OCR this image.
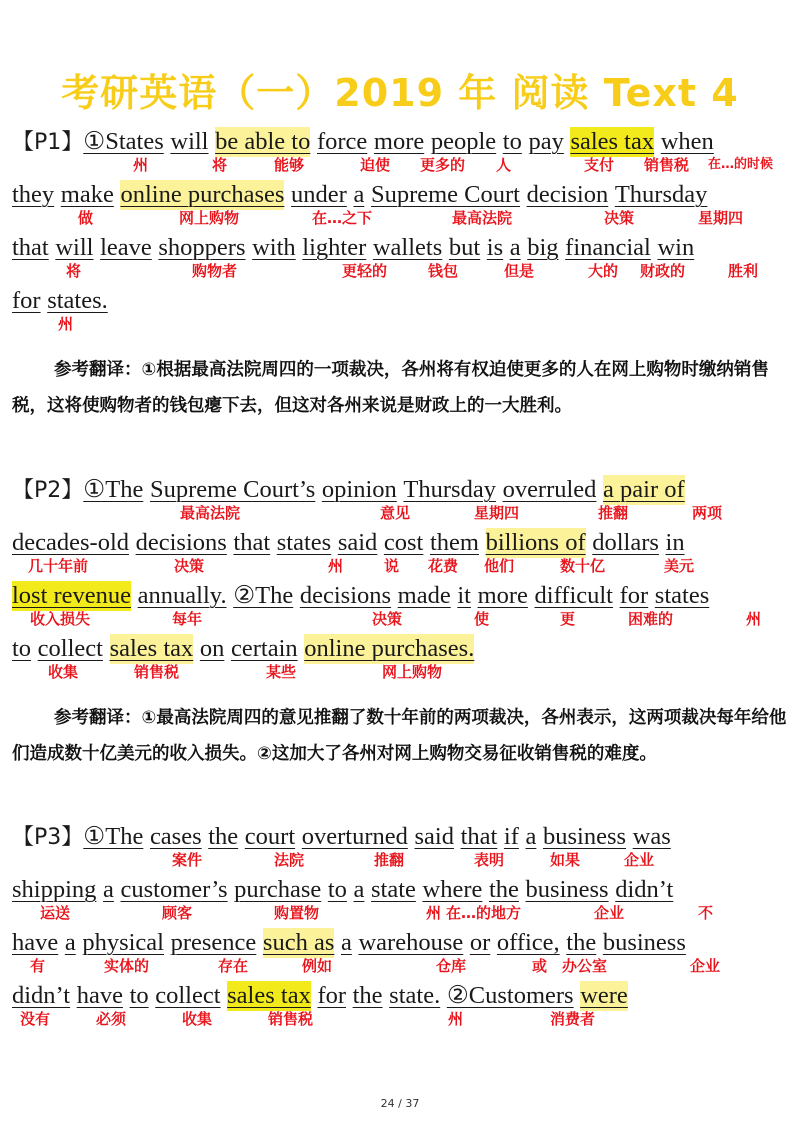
考研英语（一）2019 年 阅读 Text 4
【P1】①States will be able to force more people to pay sales tax when
州	将	能够	迫使 更多的 人	支付 销售税 在…的时候
they make online purchases under a Supreme Court decision Thursday
做	网上购物	在…之下	最高法院	决策	星期四
that will leave shoppers with lighter wallets but is a big financial win
将	购物者	更轻的	钱包	但是	大的 财政的	胜利
for states.
州
参考翻译：①根据最高法院周四的一项裁决，各州将有权迫使更多的人在网上购物时缴纳销售税，这将使购物者的钱包瘪下去，但这对各州来说是财政上的一大胜利。
【P2】①The Supreme Court’s opinion Thursday overruled a pair of
最高法院	意见	星期四	推翻	两项
decades-old decisions that states said cost them billions of dollars in
几十年前	决策	州	说 花费 他们	数十亿	美元
lost revenue annually. ②The decisions made it more difficult for states
收入损失	每年	决策	使	更	困难的	州
to collect sales tax on certain online purchases.
收集	销售税	某些	网上购物
参考翻译：①最高法院周四的意见推翻了数十年前的两项裁决，各州表示，这两项裁决每年给他们造成数十亿美元的收入损失。②这加大了各州对网上购物交易征收销售税的难度。
【P3】①The cases the court overturned said that if a business was
案件	法院	推翻	表明	如果	企业
shipping a customer’s purchase to a state where the business didn’t
运送	顾客	购置物	州 在…的地方	企业	不
have a physical presence such as a warehouse or office, the business
有	实体的	存在	例如	仓库	或 办公室	企业
didn’t have to collect sales tax for the state. ②Customers were
没有	必须	收集	销售税	州	消费者
24 / 37
